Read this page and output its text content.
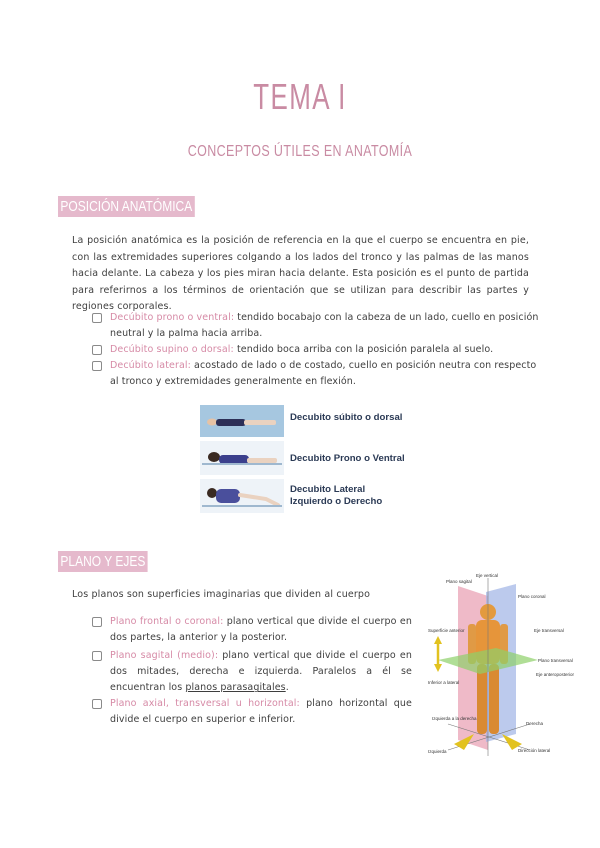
TEMA I
CONCEPTOS ÚTILES EN ANATOMÍA
POSICIÓN ANATÓMICA
La posición anatómica es la posición de referencia en la que el cuerpo se encuentra en pie, con las extremidades superiores colgando a los lados del tronco y las palmas de las manos hacia delante. La cabeza y los pies miran hacia delante. Esta posición es el punto de partida para referirnos a los términos de orientación que se utilizan para describir las partes y regiones corporales.
Decúbito prono o ventral: tendido bocabajo con la cabeza de un lado, cuello en posición neutral y la palma hacia arriba.
Decúbito supino o dorsal: tendido boca arriba con la posición paralela al suelo.
Decúbito lateral: acostado de lado o de costado, cuello en posición neutra con respecto al tronco y extremidades generalmente en flexión.
Decubito súbito o dorsal
Decubito Prono o Ventral
Decubito Lateral
Izquierdo o Derecho
PLANO Y EJES
Los planos son superficies imaginarias que dividen al cuerpo
Plano frontal o coronal: plano vertical que divide el cuerpo en dos partes, la anterior y la posterior.
Plano sagital (medio): plano vertical que divide el cuerpo en dos mitades, derecha e izquierda. Paralelos a él se encuentran los planos parasagitales.
Plano axial, transversal u horizontal: plano horizontal que divide el cuerpo en superior e inferior.
Plano sagital
Eje vertical
Plano coronal
Superficie anterior	Eje transversal
Plano transversal
Eje anteroposterior
Inferior a lateral
Izquierda a la derecha
Izquierda
Derecha
Dirección lateral
